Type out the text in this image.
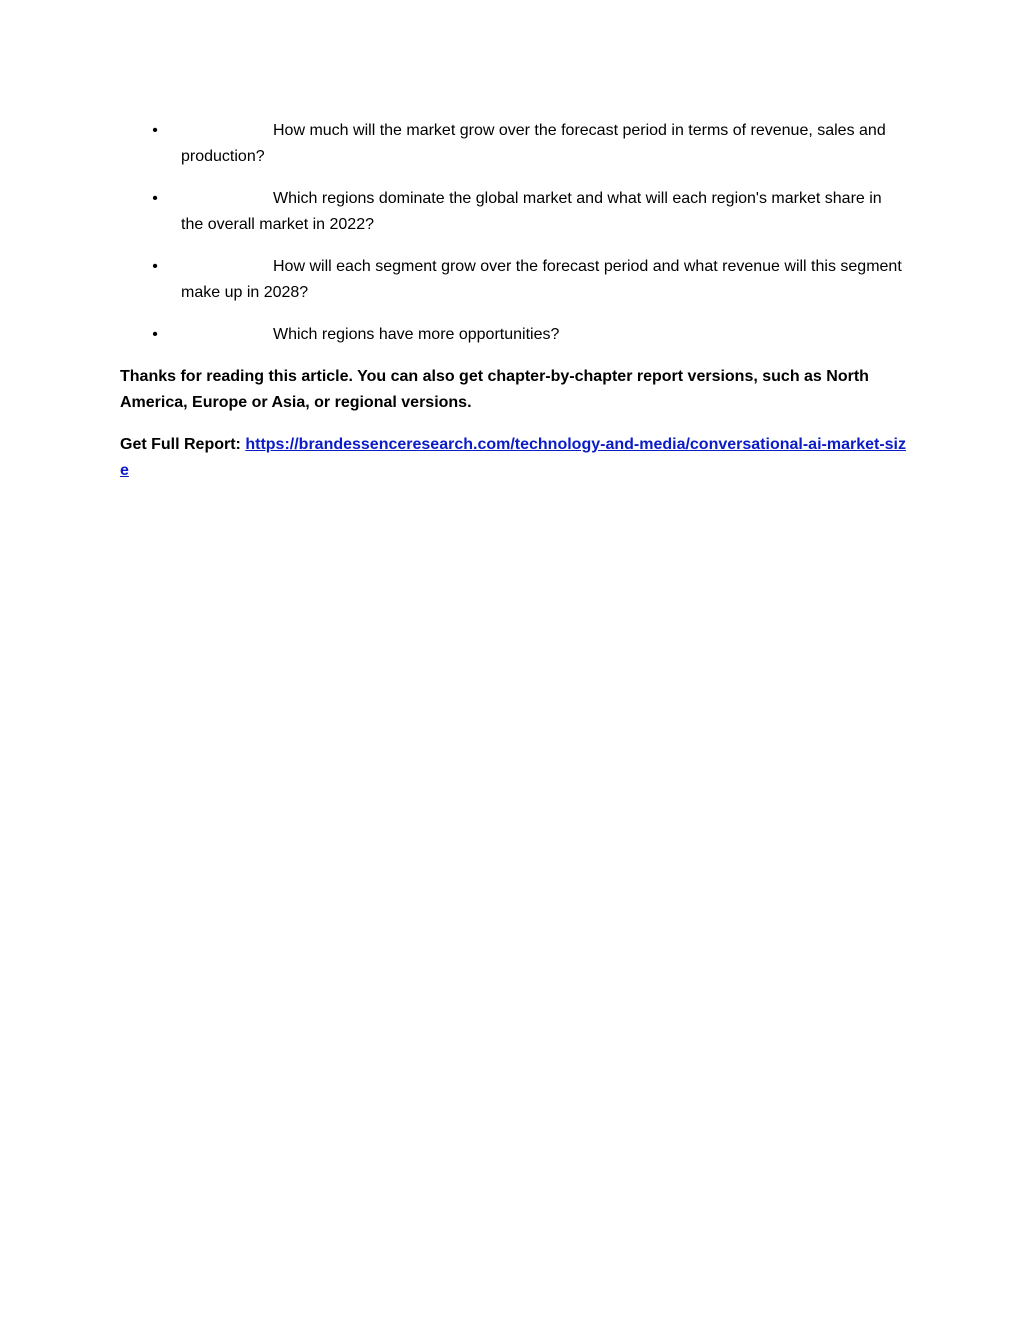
•	How much will the market grow over the forecast period in terms of revenue, sales and production?
•	Which regions dominate the global market and what will each region's market share in the overall market in 2022?
•	How will each segment grow over the forecast period and what revenue will this segment make up in 2028?
•	Which regions have more opportunities?

Thanks for reading this article. You can also get chapter-by-chapter report versions, such as North America, Europe or Asia, or regional versions.

Get Full Report: https://brandessenceresearch.com/technology-and-media/conversational-ai-market-size
